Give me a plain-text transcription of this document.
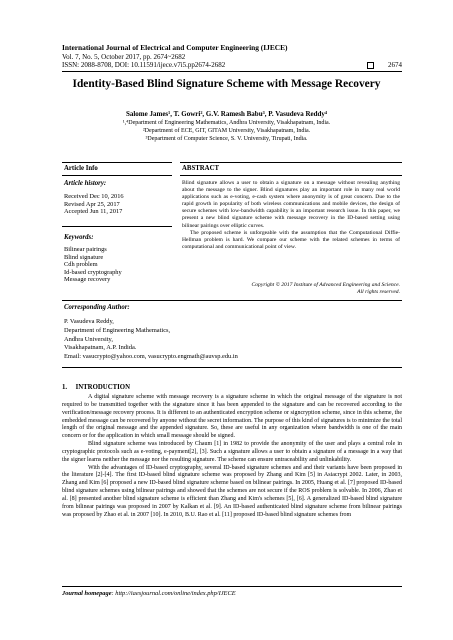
International Journal of Electrical and Computer Engineering (IJECE)
Vol. 7, No. 5, October 2017, pp. 2674~2682
ISSN: 2088-8708, DOI: 10.11591/ijece.v7i5.pp2674-2682	2674
Identity-Based Blind Signature Scheme with Message Recovery
Salome James¹, T. Gowri², G.V. Ramesh Babu³, P. Vasudeva Reddy⁴
¹,⁴Department of Engineering Mathematics, Andhra University, Visakhapatnam, India.
²Department of ECE, GIT, GITAM University, Visakhapatnam, India.
³Department of Computer Science, S. V. University, Tirupati, India.
Article Info	ABSTRACT
Article history:
Received Dec 10, 2016
Revised Apr 25, 2017
Accepted Jun 11, 2017
Keywords:
Bilinear pairings
Blind signature
Cdh problem
Id-based cryptography
Message recovery

Blind signature allows a user to obtain a signature on a message without revealing anything about the message to the signer. Blind signatures play an important role in many real world applications such as e-voting, e-cash system where anonymity is of great concern. Due to the rapid growth in popularity of both wireless communications and mobile devices, the design of secure schemes with low-bandwidth capability is an important research issue. In this paper, we present a new blind signature scheme with message recovery in the ID-based setting using bilinear pairings over elliptic curves.

The proposed scheme is unforgeable with the assumption that the Computational Diffie-Hellman problem is hard. We compare our scheme with the related schemes in terms of computational and communicational point of view.

Copyright © 2017 Institute of Advanced Engineering and Science.
All rights reserved.
Corresponding Author:
P. Vasudeva Reddy,
Department of Engineering Mathematics,
Andhra University,
Visakhapatnam, A.P. Indida.
Email: vasucrypto@yahoo.com, vasucrypto.engmath@auvsp.edu.in
1.     INTRODUCTION

A digital signature scheme with message recovery is a signature scheme in which the original message of the signature is not required to be transmitted together with the signature since it has been appended to the signature and can be recovered according to the verification/message recovery process. It is different to an authenticated encryption scheme or signcryption scheme, since in this scheme, the embedded message can be recovered by anyone without the secret information. The purpose of this kind of signatures is to minimize the total length of the original message and the appended signature. So, these are useful in any organization where bandwidth is one of the main concern or for the application in which small message should be signed.

Blind signature scheme was introduced by Chaum [1] in 1982 to provide the anonymity of the user and plays a central role in cryptographic protocols such as e-voting, e-payment[2], [3]. Such a signature allows a user to obtain a signature of a message in a way that the signer learns neither the message nor the resulting signature. The scheme can ensure untraceability and unlinkability.

With the advantages of ID-based cryptography, several ID-based signature schemes and and their variants have been proposed in the literature [2]-[4]. The first ID-based blind signature scheme was proposed by Zhang and Kim [5] in Asiacrypt 2002. Later, in 2003, Zhang and Kim [6] proposed a new ID-based blind signature scheme based on bilinear pairings. In 2005, Huang et al. [7] proposed ID-based blind signature schemes using bilinear pairings and showed that the schemes are not secure if the ROS problem is solvable. In 2006, Zhao et al. [8] presented another blind signature scheme is efficient than Zhang and Kim's schemes [5], [6]. A generalized ID-based blind signature from bilinear pairings was proposed in 2007 by Kalkan et al. [9]. An ID-based authenticated blind signature scheme from bilinear pairings was proposed by Zhao et al. in 2007 [10]. In 2010, B.U. Rao et al. [11] proposed ID-based blind signature schemes from

Journal homepage: http://iaesjournal.com/online/index.php/IJECE
